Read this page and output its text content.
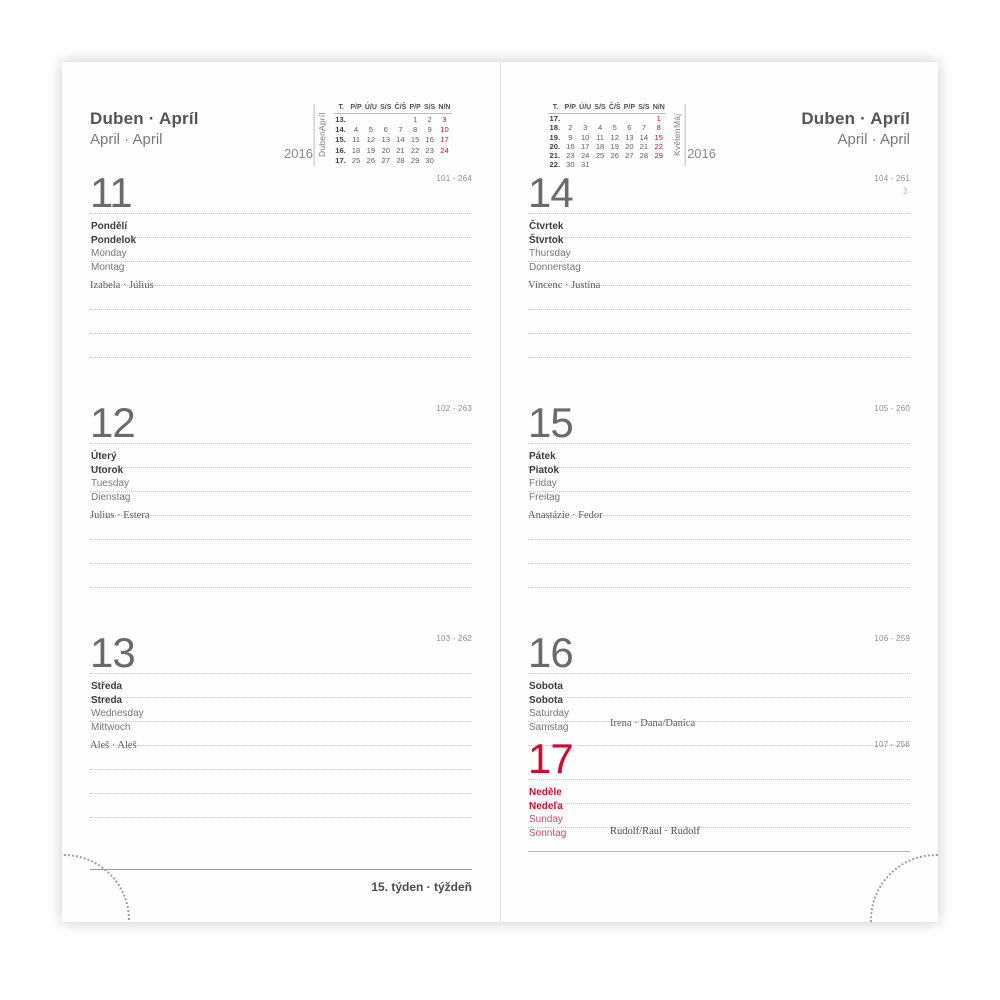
Duben · Apríl
April · April
2016 Duben
Apríl
T.	P/P	Ú/U	S/S	Č/Š	P/P	S/S	N/N
13.					1	2	3
14.	4	5	6	7	8	9	10
15.	11	12	13	14	15	16	17
16.	18	19	20	21	22	23	24
17.	25	26	27	28	29	30	
11	101 - 264
Pondělí
Pondelok
Monday
Montag
Izabela · Július
12	102 - 263
Úterý
Utorok
Tuesday
Dienstag
Julius · Estera
13	103 - 262
Středa
Streda
Wednesday
Mittwoch
Aleš · Aleš
15. týden · týždeň
Duben · Apríl
April · April
2016
Květen
Máj
T.	P/P	Ú/U	S/S	Č/Š	P/P	S/S	N/N
17.							1
18.	2	3	4	5	6	7	8
19.	9	10	11	12	13	14	15
20.	16	17	18	19	20	21	22
21.	23	24	25	26	27	28	29
22.	30	31					
14	104 - 261
☽
Čtvrtek
Štvrtok
Thursday
Donnerstag
Vincenc · Justína
15	105 - 260
Pátek
Piatok
Friday
Freitag
Anastázie · Fedor
16	106 - 259
Sobota
Sobota
Saturday
Samstag	Irena · Dana/Danica
17	107 - 258
Neděle
Nedeľa
Sunday
Sonntag	Rudolf/Raul · Rudolf
